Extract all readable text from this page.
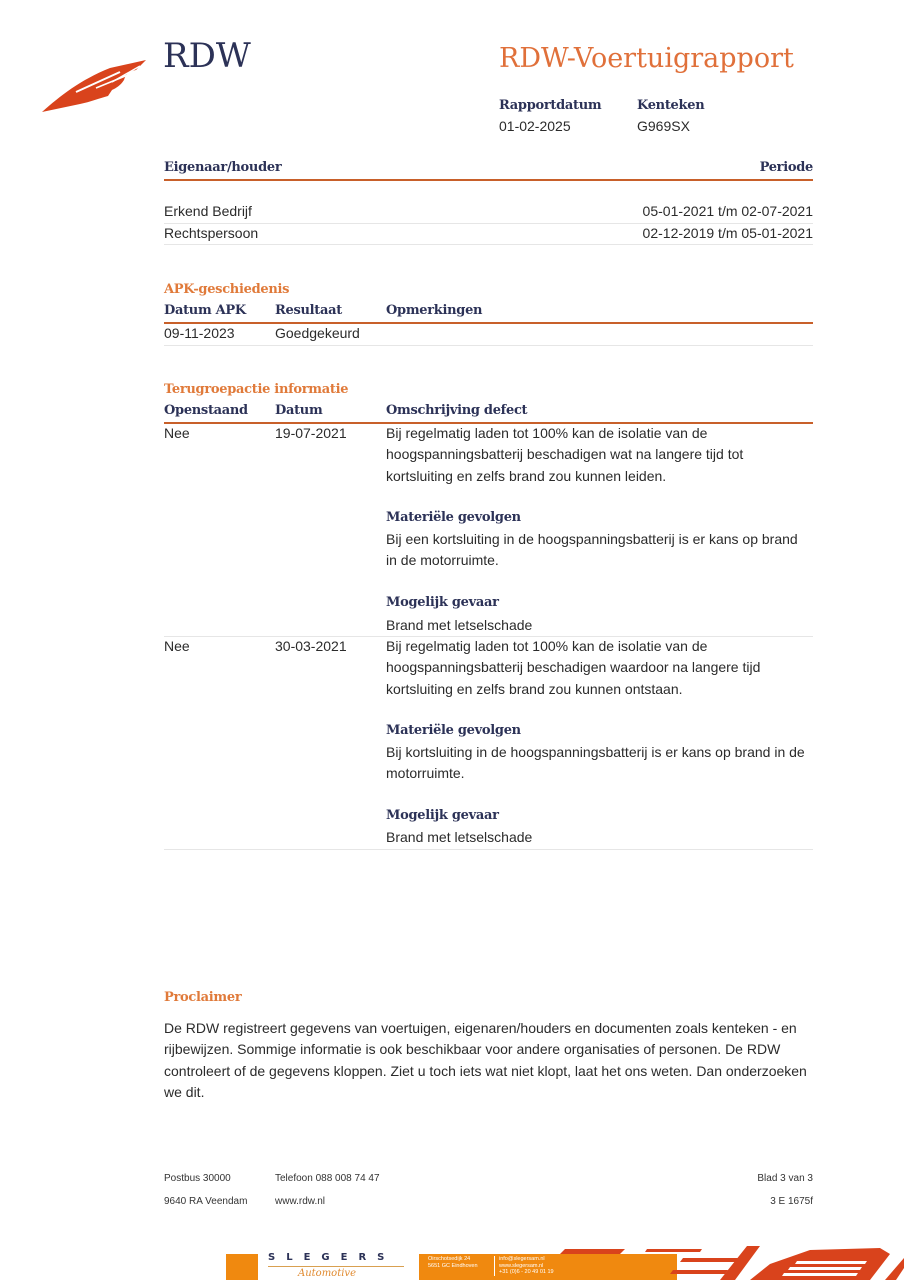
RDW	RDW-Voertuigrapport
Rapportdatum
01-02-2025
Kenteken
G969SX
Eigenaar/houder	Periode
Erkend Bedrijf	05-01-2021 t/m 02-07-2021
Rechtspersoon	02-12-2019 t/m 05-01-2021
APK-geschiedenis
Datum APK Resultaat	Opmerkingen
09-11-2023	Goedgekeurd
Terugroepactie informatie
Openstaand Datum	Omschrijving defect
Nee	19-07-2021	Bij regelmatig laden tot 100% kan de isolatie van de
hoogspanningsbatterij beschadigen wat na langere tijd tot
kortsluiting en zelfs brand zou kunnen leiden.
Materiële gevolgen
Bij een kortsluiting in de hoogspanningsbatterij is er kans op brand
in de motorruimte.
Mogelijk gevaar
Brand met letselschade
Nee	30-03-2021	Bij regelmatig laden tot 100% kan de isolatie van de
hoogspanningsbatterij beschadigen waardoor na langere tijd
kortsluiting en zelfs brand zou kunnen ontstaan.
Materiële gevolgen
Bij kortsluiting in de hoogspanningsbatterij is er kans op brand in de
motorruimte.
Mogelijk gevaar
Brand met letselschade
Proclaimer
De RDW registreert gegevens van voertuigen, eigenaren/houders en documenten zoals kenteken - en
rijbewijzen. Sommige informatie is ook beschikbaar voor andere organisaties of personen. De RDW
controleert of de gegevens kloppen. Ziet u toch iets wat niet klopt, laat het ons weten. Dan onderzoeken
we dit.
Postbus 30000
9640 RA Veendam
Telefoon 088 008 74 47
www.rdw.nl
Blad 3 van 3
3 E 1675f
SLEGERS
Automotive
Oirschotsedijk 24
5651 GC Eindhoven
info@slegersam.nl
www.slegersam.nl
+31 (0)6 - 20 49 01 19
